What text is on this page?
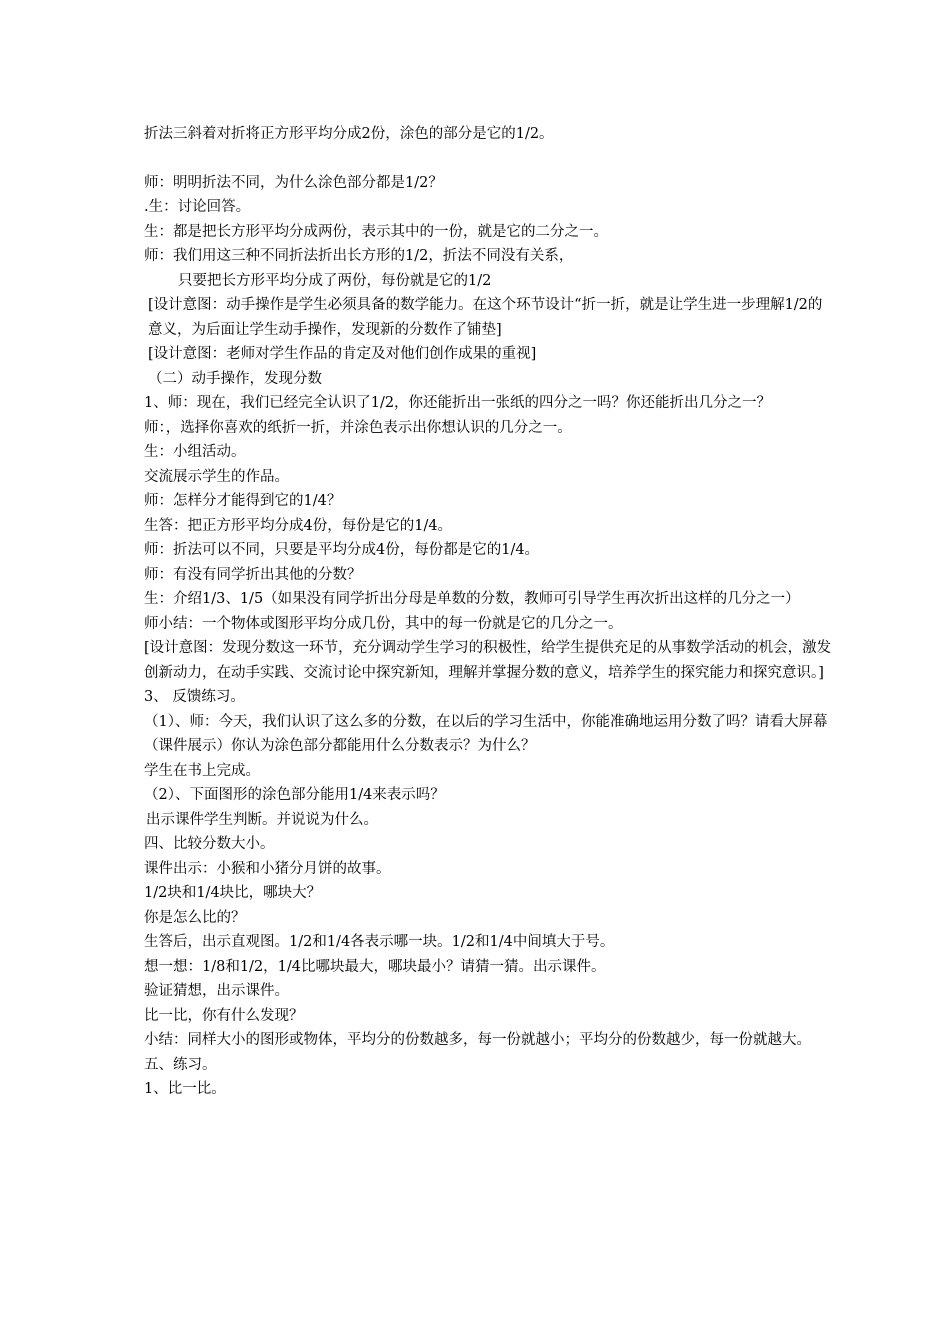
折法三斜着对折将正方形平均分成2份，涂色的部分是它的1/2。

师：明明折法不同，为什么涂色部分都是1/2？

.生：讨论回答。

生：都是把长方形平均分成两份，表示其中的一份，就是它的二分之一。

师：我们用这三种不同折法折出长方形的1/2，折法不同没有关系，

只要把长方形平均分成了两份，每份就是它的1/2

[设计意图：动手操作是学生必须具备的数学能力。在这个环节设计“折一折，就是让学生进一步理解1/2的意义，为后面让学生动手操作，发现新的分数作了铺垫]

[设计意图：老师对学生作品的肯定及对他们创作成果的重视]

（二）动手操作，发现分数

1、师：现在，我们已经完全认识了1/2，你还能折出一张纸的四分之一吗？你还能折出几分之一？

师：，选择你喜欢的纸折一折，并涂色表示出你想认识的几分之一。

生：小组活动。

交流展示学生的作品。

师：怎样分才能得到它的1/4？

生答：把正方形平均分成4份，每份是它的1/4。

师：折法可以不同，只要是平均分成4份，每份都是它的1/4。

师：有没有同学折出其他的分数？

生：介绍1/3、1/5（如果没有同学折出分母是单数的分数，教师可引导学生再次折出这样的几分之一）

师小结：一个物体或图形平均分成几份，其中的每一份就是它的几分之一。

[设计意图：发现分数这一环节，充分调动学生学习的积极性，给学生提供充足的从事数学活动的机会，激发创新动力，在动手实践、交流讨论中探究新知，理解并掌握分数的意义，培养学生的探究能力和探究意识。]

3、 反馈练习。

（1）、师：今天，我们认识了这么多的分数，在以后的学习生活中，你能准确地运用分数了吗？请看大屏幕（课件展示）你认为涂色部分都能用什么分数表示？为什么？

学生在书上完成。

（2）、下面图形的涂色部分能用1/4来表示吗？

出示课件学生判断。并说说为什么。

四、比较分数大小。

课件出示：小猴和小猪分月饼的故事。

1/2块和1/4块比，哪块大？

你是怎么比的？

生答后，出示直观图。1/2和1/4各表示哪一块。1/2和1/4中间填大于号。

想一想：1/8和1/2，1/4比哪块最大，哪块最小？请猜一猜。出示课件。

验证猜想，出示课件。

比一比，你有什么发现？

小结：同样大小的图形或物体，平均分的份数越多，每一份就越小；平均分的份数越少，每一份就越大。

五、练习。

1、比一比。
